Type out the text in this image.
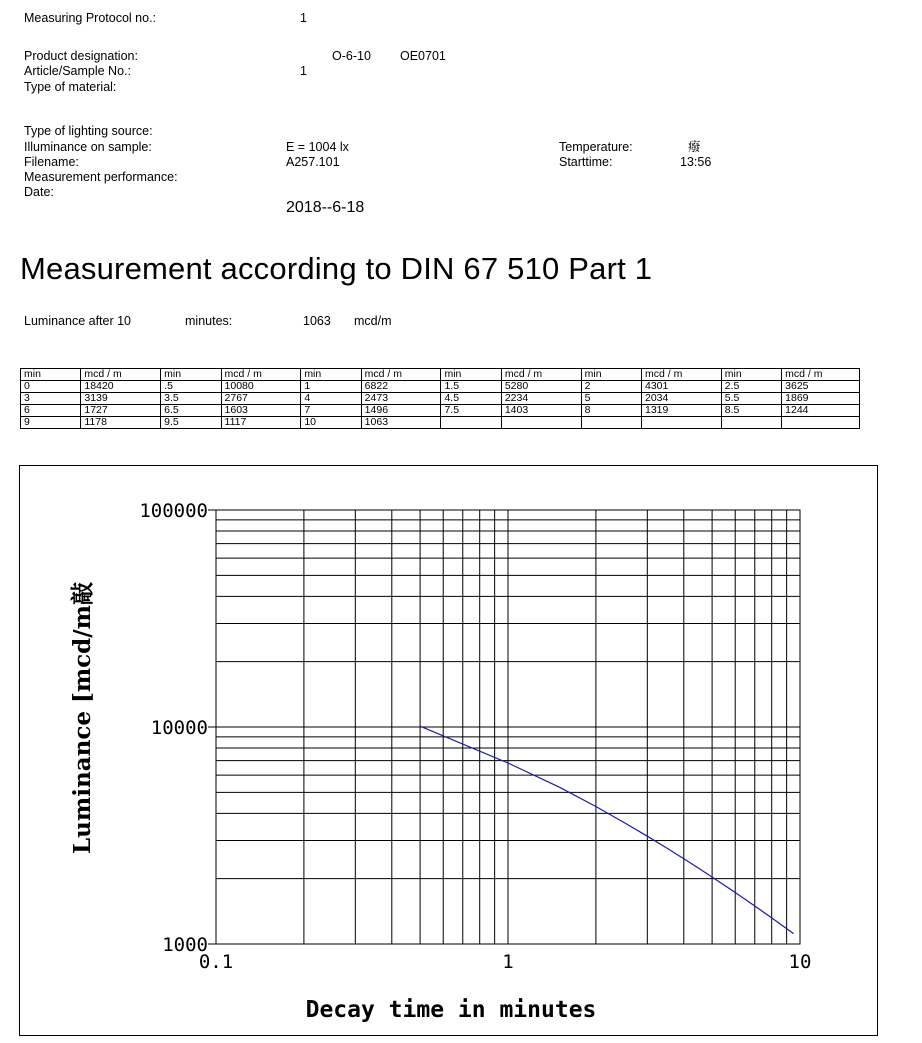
Measuring Protocol no.:	1
Product designation:	O-6-10 OE0701
Article/Sample No.:	1
Type of material:
Type of lighting source:
Illuminance on sample:	E = 1004 lx	Temperature:	癈
Filename:	A257.101	Starttime:	13:56
Measurement performance:
Date:
2018--6-18
Measurement according to DIN 67 510 Part 1
Luminance after 10	minutes:	1063 mcd/m
min	mcd / m	min	mcd / m	min	mcd / m	min	mcd / m	min	mcd / m	min	mcd / m
0	18420	.5	10080	1	6822	1.5	5280	2	4301	2.5	3625
3	3139	3.5	2767	4	2473	4.5	2234	5	2034	5.5	1869
6	1727	6.5	1603	7	1496	7.5	1403	8	1319	8.5	1244
9	1178	9.5	1117	10	1063						
100000
10000
1000
0.1	1	10
Decay time in minutes
Luminance [mcd/m敲
